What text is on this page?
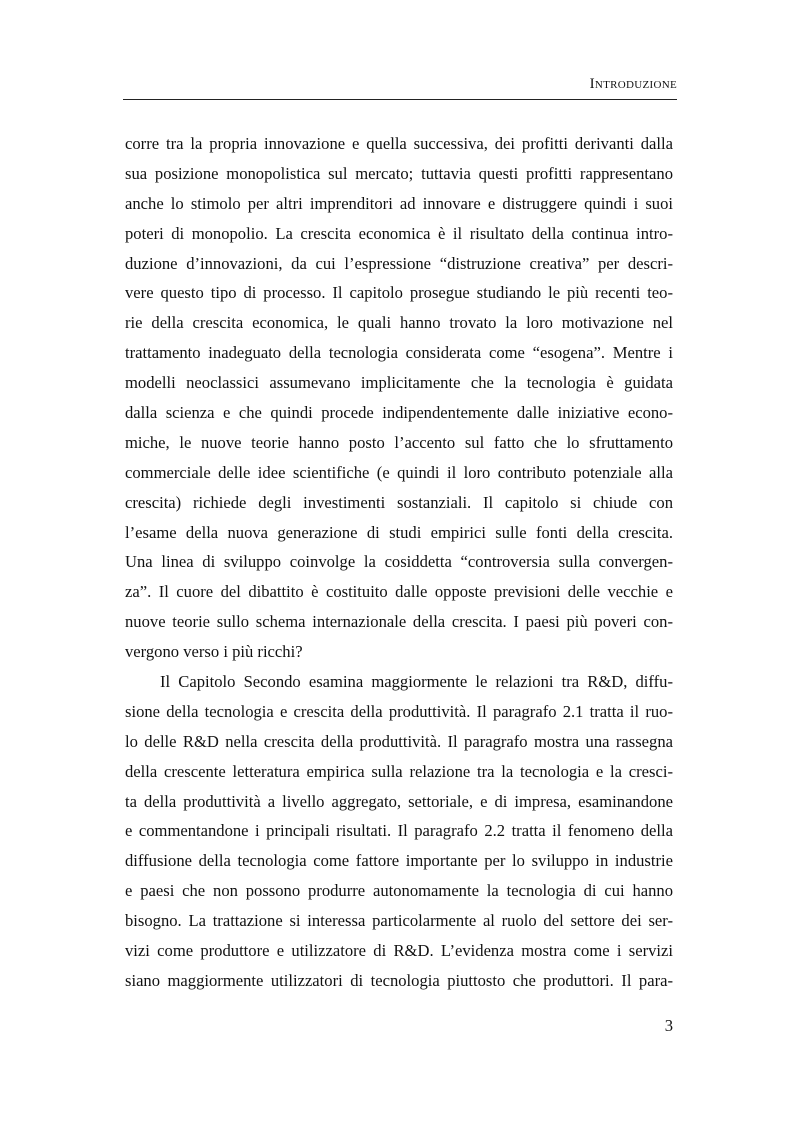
Introduzione
corre tra la propria innovazione e quella successiva, dei profitti derivanti dalla
sua posizione monopolistica sul mercato; tuttavia questi profitti rappresentano
anche lo stimolo per altri imprenditori ad innovare e distruggere quindi i suoi
poteri di monopolio. La crescita economica è il risultato della continua intro-
duzione d’innovazioni, da cui l’espressione “distruzione creativa” per descri-
vere questo tipo di processo. Il capitolo prosegue studiando le più recenti teo-
rie della crescita economica, le quali hanno trovato la loro motivazione nel
trattamento inadeguato della tecnologia considerata come “esogena”. Mentre i
modelli neoclassici assumevano implicitamente che la tecnologia è guidata
dalla scienza e che quindi procede indipendentemente dalle iniziative econo-
miche, le nuove teorie hanno posto l’accento sul fatto che lo sfruttamento
commerciale delle idee scientifiche (e quindi il loro contributo potenziale alla
crescita) richiede degli investimenti sostanziali. Il capitolo si chiude con
l’esame della nuova generazione di studi empirici sulle fonti della crescita.
Una linea di sviluppo coinvolge la cosiddetta “controversia sulla convergen-
za”. Il cuore del dibattito è costituito dalle opposte previsioni delle vecchie e
nuove teorie sullo schema internazionale della crescita. I paesi più poveri con-
vergono verso i più ricchi?
Il Capitolo Secondo esamina maggiormente le relazioni tra R&D, diffu-
sione della tecnologia e crescita della produttività. Il paragrafo 2.1 tratta il ruo-
lo delle R&D nella crescita della produttività. Il paragrafo mostra una rassegna
della crescente letteratura empirica sulla relazione tra la tecnologia e la cresci-
ta della produttività a livello aggregato, settoriale, e di impresa, esaminandone
e commentandone i principali risultati. Il paragrafo 2.2 tratta il fenomeno della
diffusione della tecnologia come fattore importante per lo sviluppo in industrie
e paesi che non possono produrre autonomamente la tecnologia di cui hanno
bisogno. La trattazione si interessa particolarmente al ruolo del settore dei ser-
vizi come produttore e utilizzatore di R&D. L’evidenza mostra come i servizi
siano maggiormente utilizzatori di tecnologia piuttosto che produttori. Il para-
3
